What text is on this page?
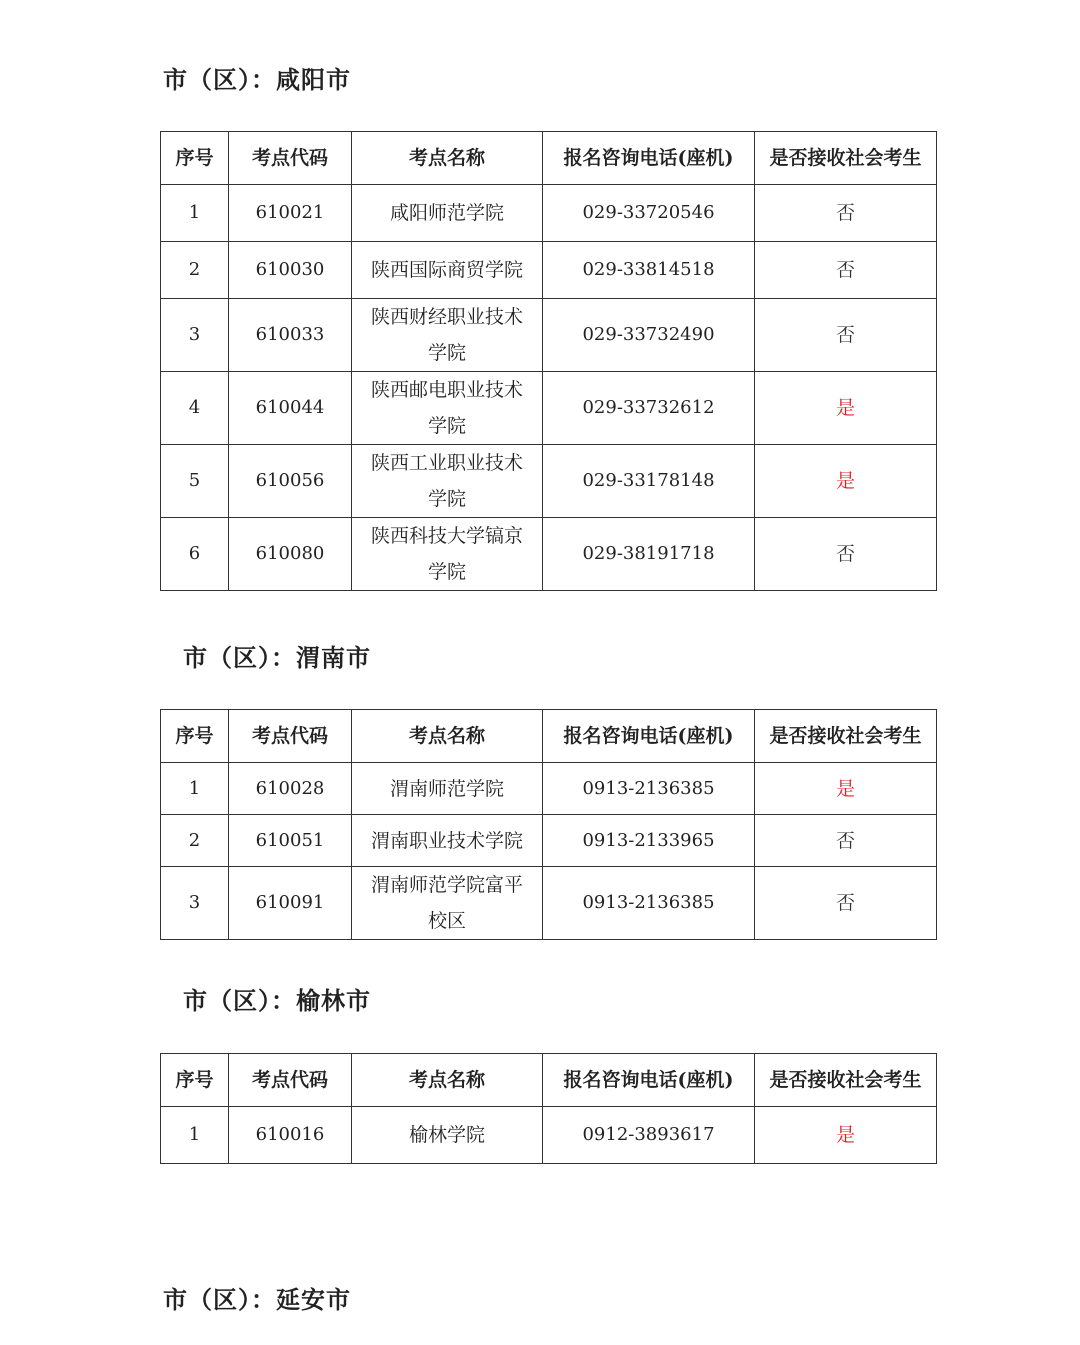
市（区）：咸阳市
序号	考点代码	考点名称	报名咨询电话(座机)	是否接收社会考生
1	610021	咸阳师范学院	029-33720546	否
2	610030	陕西国际商贸学院	029-33814518	否
3	610033	陕西财经职业技术学院	029-33732490	否
4	610044	陕西邮电职业技术学院	029-33732612	是
5	610056	陕西工业职业技术学院	029-33178148	是
6	610080	陕西科技大学镐京学院	029-38191718	否
市（区）：渭南市
序号	考点代码	考点名称	报名咨询电话(座机)	是否接收社会考生
1	610028	渭南师范学院	0913-2136385	是
2	610051	渭南职业技术学院	0913-2133965	否
3	610091	渭南师范学院富平校区	0913-2136385	否
市（区）：榆林市
序号	考点代码	考点名称	报名咨询电话(座机)	是否接收社会考生
1	610016	榆林学院	0912-3893617	是
市（区）：延安市
